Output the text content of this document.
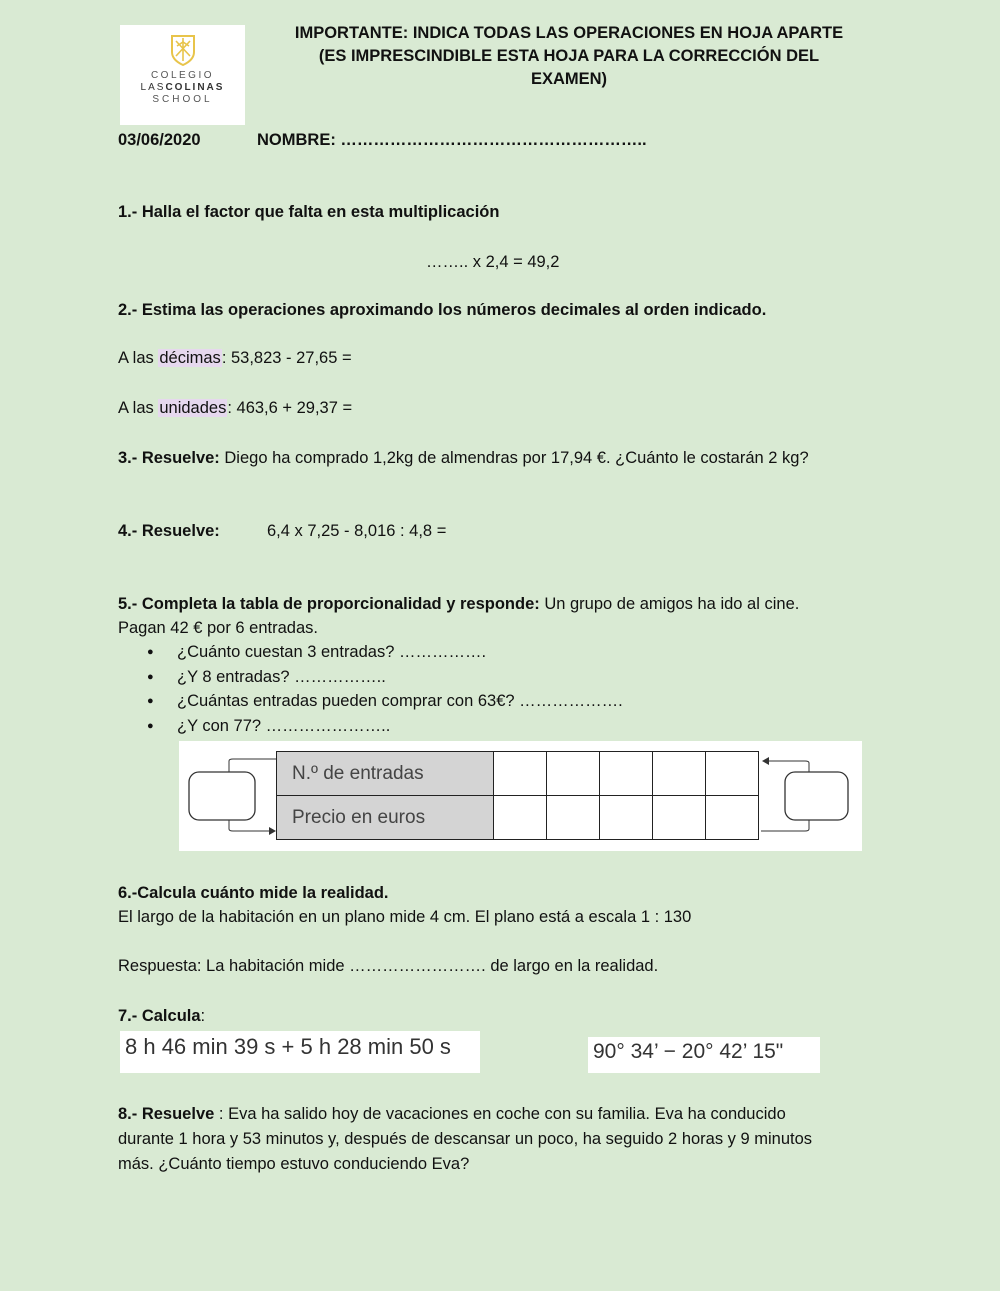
COLEGIO
LASCOLINAS
SCHOOL
IMPORTANTE: INDICA TODAS LAS OPERACIONES EN HOJA APARTE
(ES IMPRESCINDIBLE ESTA HOJA PARA LA CORRECCIÓN DEL
EXAMEN)
03/06/2020	NOMBRE: ………………………………………………..
1.- Halla el factor que falta en esta multiplicación
…….. x 2,4 = 49,2
2.- Estima las operaciones aproximando los números decimales al orden indicado.
A las décimas: 53,823 - 27,65 =
A las unidades: 463,6 + 29,37 =
3.- Resuelve: Diego ha comprado 1,2kg de almendras por 17,94 €. ¿Cuánto le costarán 2 kg?
4.- Resuelve:	6,4 x 7,25 - 8,016 : 4,8 =
5.- Completa la tabla de proporcionalidad y responde: Un grupo de amigos ha ido al cine.
Pagan 42 € por 6 entradas.
● ¿Cuánto cuestan 3 entradas? …………….
● ¿Y 8 entradas? ……………..
● ¿Cuántas entradas pueden comprar con 63€? ……………….
● ¿Y con 77? …………………..
N.º de entradas					
Precio en euros					
6.-Calcula cuánto mide la realidad.
El largo de la habitación en un plano mide 4 cm. El plano está a escala 1 : 130
Respuesta: La habitación mide ……………………. de largo en la realidad.
7.- Calcula:
8 h 46 min 39 s + 5 h 28 min 50 s	90° 34’ − 20° 42’ 15"
8.- Resuelve : Eva ha salido hoy de vacaciones en coche con su familia. Eva ha conducido
durante 1 hora y 53 minutos y, después de descansar un poco, ha seguido 2 horas y 9 minutos
más. ¿Cuánto tiempo estuvo conduciendo Eva?
